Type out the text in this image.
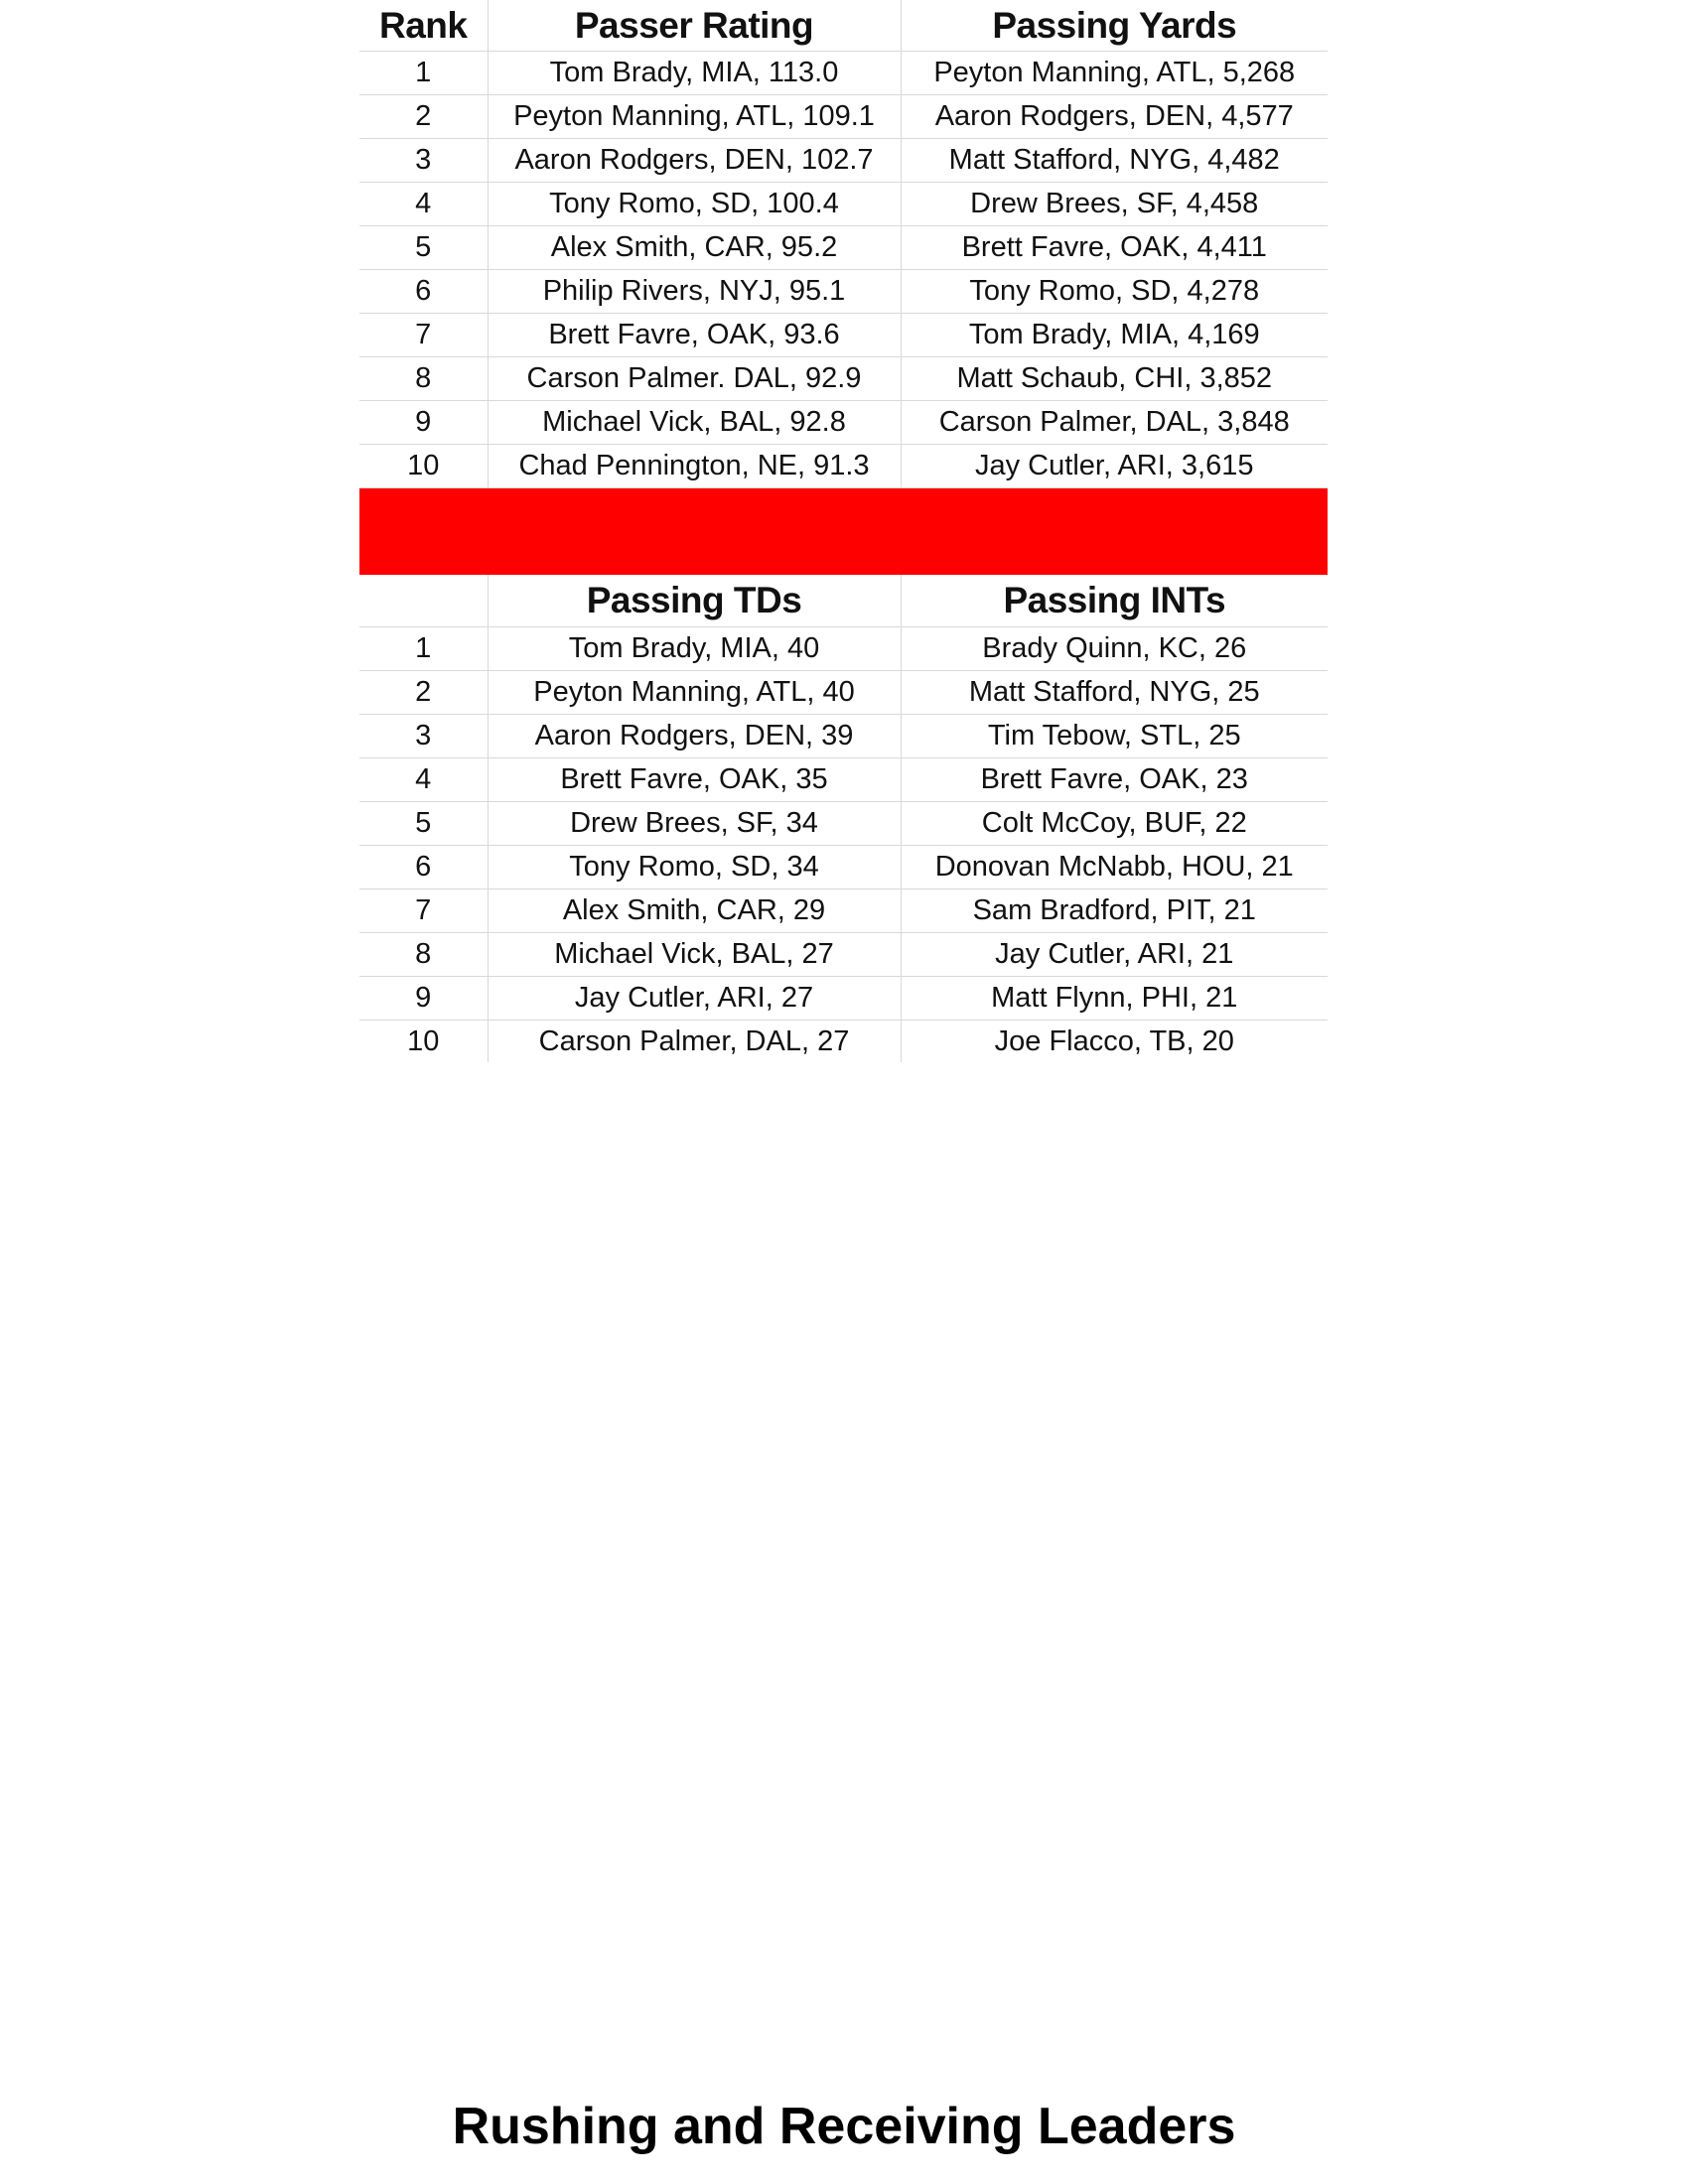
Rank	Passer Rating	Passing Yards
1	Tom Brady, MIA, 113.0	Peyton Manning, ATL, 5,268
2	Peyton Manning, ATL, 109.1	Aaron Rodgers, DEN, 4,577
3	Aaron Rodgers, DEN, 102.7	Matt Stafford, NYG, 4,482
4	Tony Romo, SD, 100.4	Drew Brees, SF, 4,458
5	Alex Smith, CAR, 95.2	Brett Favre, OAK, 4,411
6	Philip Rivers, NYJ, 95.1	Tony Romo, SD, 4,278
7	Brett Favre, OAK, 93.6	Tom Brady, MIA, 4,169
8	Carson Palmer. DAL, 92.9	Matt Schaub, CHI, 3,852
9	Michael Vick, BAL, 92.8	Carson Palmer, DAL, 3,848
10	Chad Pennington, NE, 91.3	Jay Cutler, ARI, 3,615

	Passing TDs	Passing INTs
1	Tom Brady, MIA, 40	Brady Quinn, KC, 26
2	Peyton Manning, ATL, 40	Matt Stafford, NYG, 25
3	Aaron Rodgers, DEN, 39	Tim Tebow, STL, 25
4	Brett Favre, OAK, 35	Brett Favre, OAK, 23
5	Drew Brees, SF, 34	Colt McCoy, BUF, 22
6	Tony Romo, SD, 34	Donovan McNabb, HOU, 21
7	Alex Smith, CAR, 29	Sam Bradford, PIT, 21
8	Michael Vick, BAL, 27	Jay Cutler, ARI, 21
9	Jay Cutler, ARI, 27	Matt Flynn, PHI, 21
10	Carson Palmer, DAL, 27	Joe Flacco, TB, 20
Rushing and Receiving Leaders
